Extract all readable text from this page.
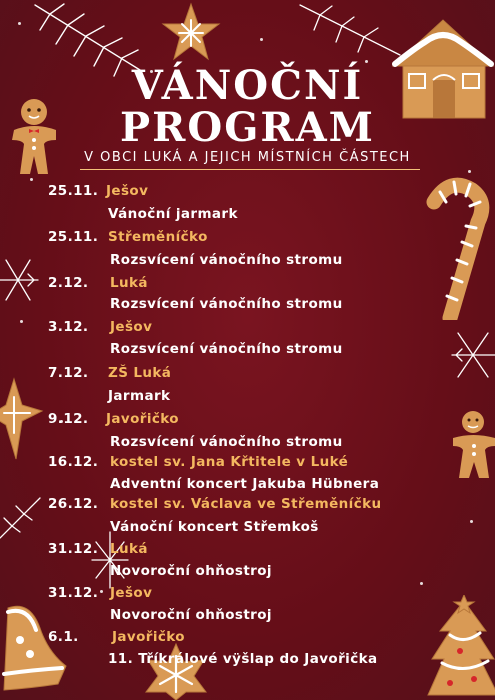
VÁNOČNÍ
PROGRAM
V OBCI LUKÁ A JEJICH MÍSTNÍCH ČÁSTECH
25.11. Ješov
Vánoční jarmark
25.11. Střeměníčko
Rozsvícení vánočního stromu
2.12. Luká
Rozsvícení vánočního stromu
3.12. Ješov
Rozsvícení vánočního stromu
7.12. ZŠ Luká
Jarmark
9.12. Javořičko
Rozsvícení vánočního stromu
16.12. kostel sv. Jana Křtitele v Luké
Adventní koncert Jakuba Hübnera
26.12. kostel sv. Václava ve Střeměníčku
Vánoční koncert Střemkoš
31.12. Luká
Novoroční ohňostroj
31.12. Ješov
Novoroční ohňostroj
6.1. Javořičko
11. Tříkrálové vÿšlap do Javořička
